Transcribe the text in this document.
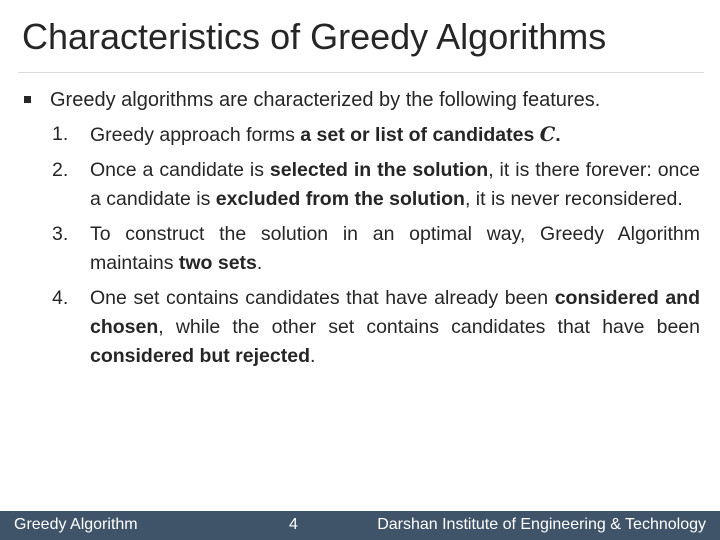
Characteristics of Greedy Algorithms
Greedy algorithms are characterized by the following features.
1. Greedy approach forms a set or list of candidates C.
2. Once a candidate is selected in the solution, it is there forever: once a candidate is excluded from the solution, it is never reconsidered.
3. To construct the solution in an optimal way, Greedy Algorithm maintains two sets.
4. One set contains candidates that have already been considered and chosen, while the other set contains candidates that have been considered but rejected.
Greedy Algorithm	4	Darshan Institute of Engineering & Technology
